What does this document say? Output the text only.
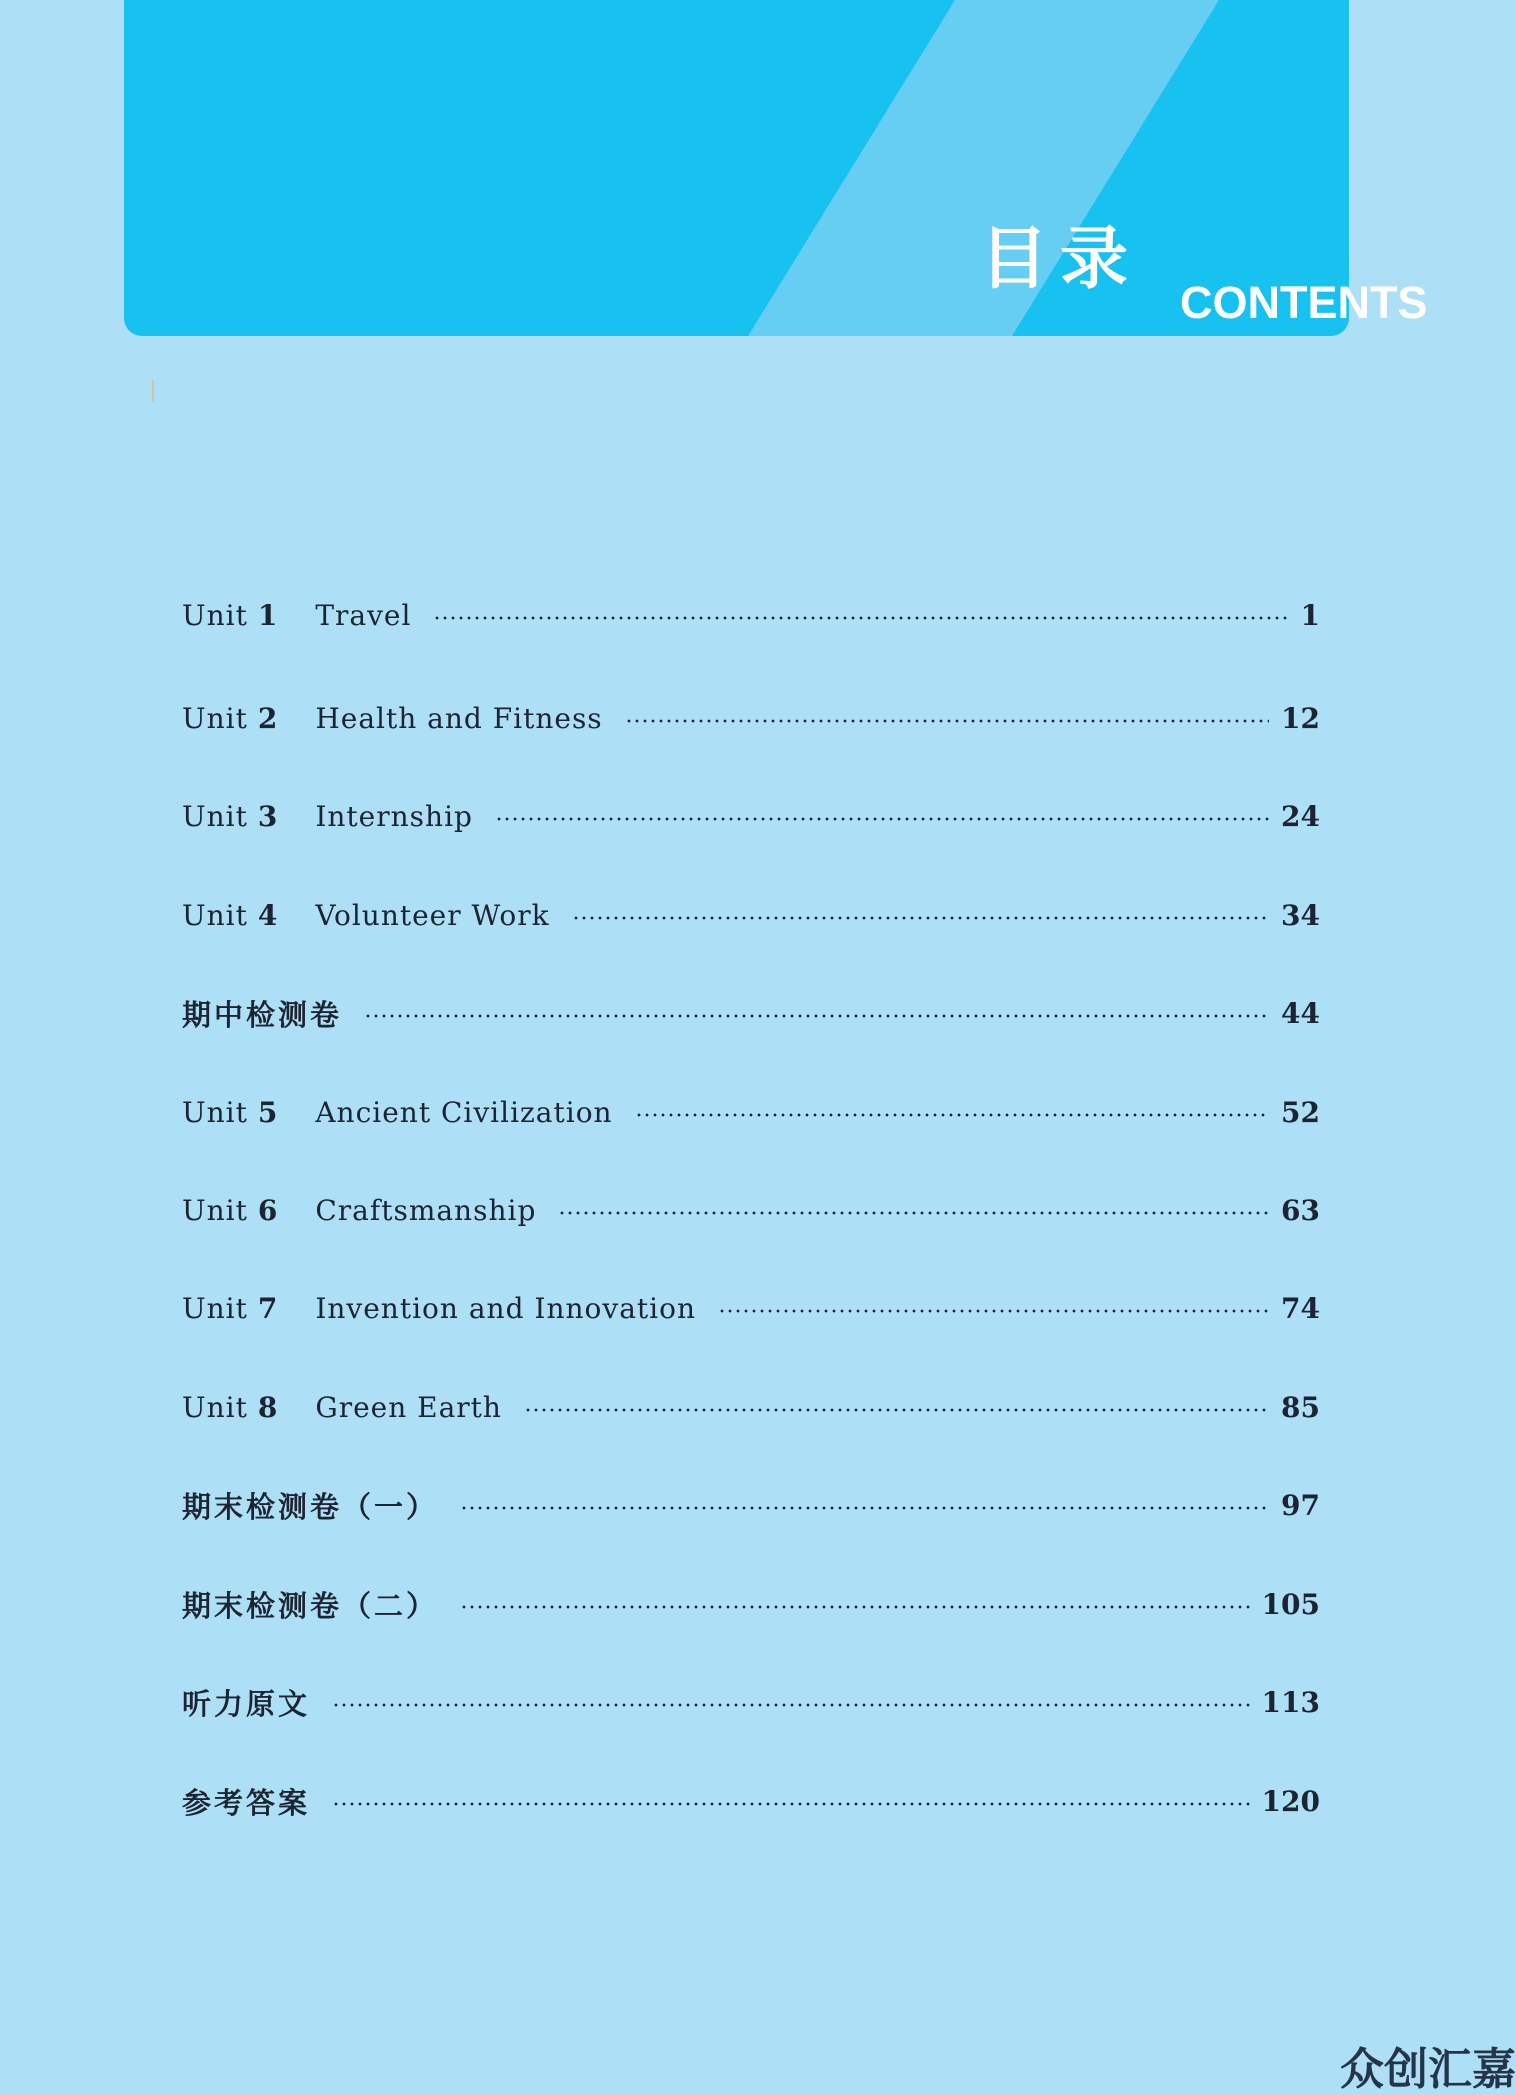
目录
CONTENTS
Unit 1 Travel	1
Unit 2 Health and Fitness	12
Unit 3 Internship	24
Unit 4 Volunteer Work	34
期中检测卷	44
Unit 5 Ancient Civilization	52
Unit 6 Craftsmanship	63
Unit 7 Invention and Innovation	74
Unit 8 Green Earth	85
期末检测卷（一）	97
期末检测卷（二）	105
听力原文	113
参考答案	120
众创汇嘉
